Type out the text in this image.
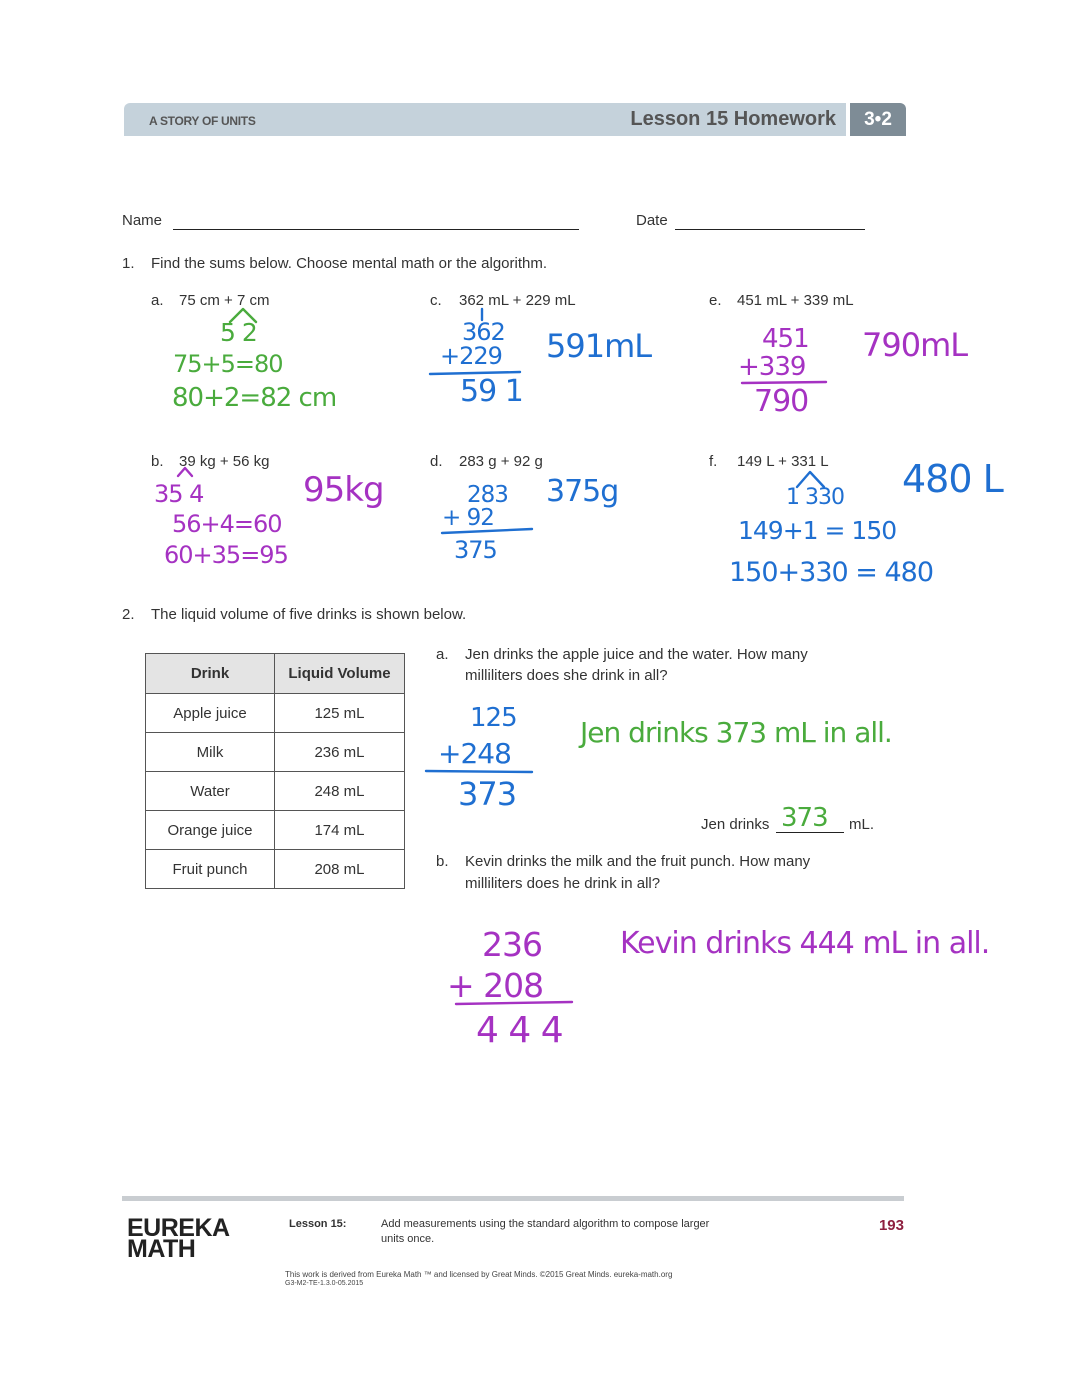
A STORY OF UNITS	Lesson 15 Homework	3•2
Name	Date
1. Find the sums below. Choose mental math or the algorithm.
a. 75 cm + 7 cm
5 2
75+5=80
80+2=82 cm
b. 39 kg + 56 kg
35 4
56+4=60
60+35=95
95kg
c. 362 mL + 229 mL
362
+229
59 1
591mL
d. 283 g + 92 g
283
+ 92
375
375g
e. 451 mL + 339 mL
451
+339
790
790mL
f. 149 L + 331 L
1 330
149+1 = 150
150+330 = 480
480 L
2. The liquid volume of five drinks is shown below.
Drink	Liquid Volume
Apple juice	125 mL
Milk	236 mL
Water	248 mL
Orange juice	174 mL
Fruit punch	208 mL
a. Jen drinks the apple juice and the water. How many
milliliters does she drink in all?
125
+248
373
Jen drinks 373 mL in all.
Jen drinks 373 mL.
b. Kevin drinks the milk and the fruit punch. How many
milliliters does he drink in all?
236
+ 208
4 4 4
Kevin drinks 444 mL in all.
EUREKA
MATH
Lesson 15:	Add measurements using the standard algorithm to compose larger
units once.
193
This work is derived from Eureka Math ™ and licensed by Great Minds. ©2015 Great Minds. eureka-math.org
G3-M2-TE-1.3.0-05.2015
